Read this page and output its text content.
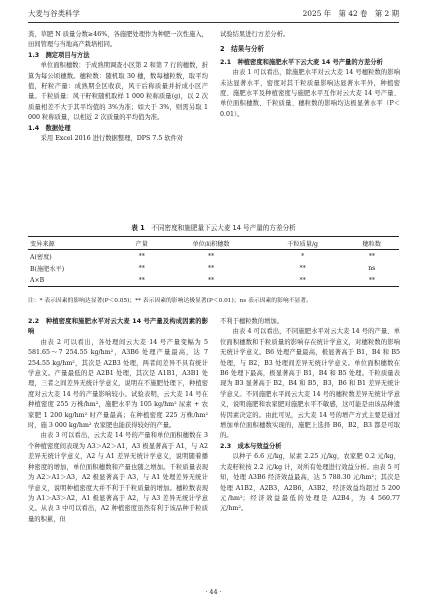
大麦与谷类科学	2025 年　第 42 卷　第 2 期

粪，草肥 N 质量分数≥46%，各施肥处理作为种肥一次性施入，田间管理与当地高产栽培相同。

1.3　测定项目与方法

单位面积穗数：于成熟期调查小区第 2 和第 7 行的穗数，折算为每公顷穗数。穗粒数：随机取 30 穗，数每穗粒数，取平均值，籽粒产量：成熟期全区收获，风干后称质量并折成小区产量。千粒质量：风干籽粒随机取样 1 000 粒称质量(g)，以 2 次质量相差不大于其平均值的 3%为准；如大于 3%，则需另取 1 000 粒称质量，以相近 2 次质量的平均值为准。

1.4　数据处理

采用 Excel 2016 进行数据整理，DPS 7.5 软件对

试验结果进行方差分析。

2　结果与分析

2.1　种植密度和施肥水平下云大麦 14 号产量的方差分析

由表 1 可以看出，除施肥水平对云大麦 14 号穗粒数的影响未达显著水平，密度对其千粒质量影响达显著水平外，种植密度、施肥水平及种植密度与施肥水平互作对云大麦 14 号产量、单位面积穗数、千粒质量、穗粒数的影响均达极显著水平（P＜0.01）。

表 1　 不同密度和施肥量下云大麦 14 号产量的方差分析
变异来源	产量	单位面积穗数	千粒质量/g	穗粒数
A(密度)	**	**	*	**
B(施肥水平)	**	**	**	ns
A×B	**	**	**	**
注：* 表示因素的影响达显著(P＜0.05)；** 表示因素的影响达极显著(P＜0.01)；ns 表示因素的影响不显著。

2.2　种植密度和施肥水平对云大麦 14 号产量及构成因素的影响

由表 2 可以看出，各处理间云大麦 14 号产量变幅为 5 581.65～7 254.55 kg/hm²，A3B6 处理产量最高，达 7 254.55 kg/hm²，其次是 A2B3 处理，两者间差异不具有统计学意义。产量最低的是 A2B1 处理，其次是 A1B1，A3B1 处理，三者之间差异无统计学意义，说明在不施肥处理下，种植密度对云大麦 14 号的产量影响较小。试验表明，云大麦 14 号在种植密度 255 万株/hm²，施肥水平为 105 kg/hm² 尿素 + 农家肥 1 200 kg/hm² 时产量最高；在种植密度 225 万株/hm² 时，施 3 000 kg/hm² 农家肥也能获得较好的产量。

由表 3 可以看出，云大麦 14 号的产量和单位面积穗数在 3 个种植密度间表现为 A3＞A2＞A1，A3 极显著高于 A1，与 A2 差异无统计学意义，A2 与 A1 差异无统计学意义，说明随着播种密度的增加，单位面积穗数和产量也随之增加。千粒质量表现为 A2＞A1＞A3，A2 极显著高于 A3，与 A1 处理差异无统计学意义，说明种植密度大并不利于千粒质量的增加。穗粒数表现为 A1＞A3＞A2，A1 极显著高于 A2，与 A3 差异无统计学意义。从表 3 中可以看出，A2 种植密度虽然有利于该品种千粒质量的积累，但

不利于穗粒数的增加。

由表 4 可以看出，不同施肥水平对云大麦 14 号的产量、单位面积穗数和千粒质量的影响存在统计学意义，对穗粒数的影响无统计学意义。B6 处理产量最高，极显著高于 B1，B4 和 B5 处理，与 B2，B3 处理间差异无统计学意义。单位面积穗数在 B6 处理下最高，极显著高于 B1，B4 和 B5 处理。千粒质量表现为 B3 显著高于 B2，B4 和 B5，B3，B6 和 B1 差异无统计学意义。不同施肥水平间云大麦 14 号的穗粒数差异无统计学意义，说明施肥和农家肥对施肥水平不敏感，这可能是由该品种遗传因素决定的。由此可见，云大麦 14 号的增产方式主要是通过增加单位面积穗数实现的，施肥上选择 B6，B2，B3 都是可取的。

2.3　成本与效益分析

以种子 6.6 元/kg，尿素 2.25 元/kg，农家肥 0.2 元/kg，大麦籽粒按 2.2 元/kg 计，对所有处理进行效益分析。由表 5 可知，处理 A3B6 经济效益最高，达 5 788.30 元/hm²；其次是处理 A1B2，A2B3，A2B6，A3B2，经济效益均超过 5 200 元/hm²；经济效益最低的处理是 A2B4，为 4 560.77 元/hm²。

· 44 ·
